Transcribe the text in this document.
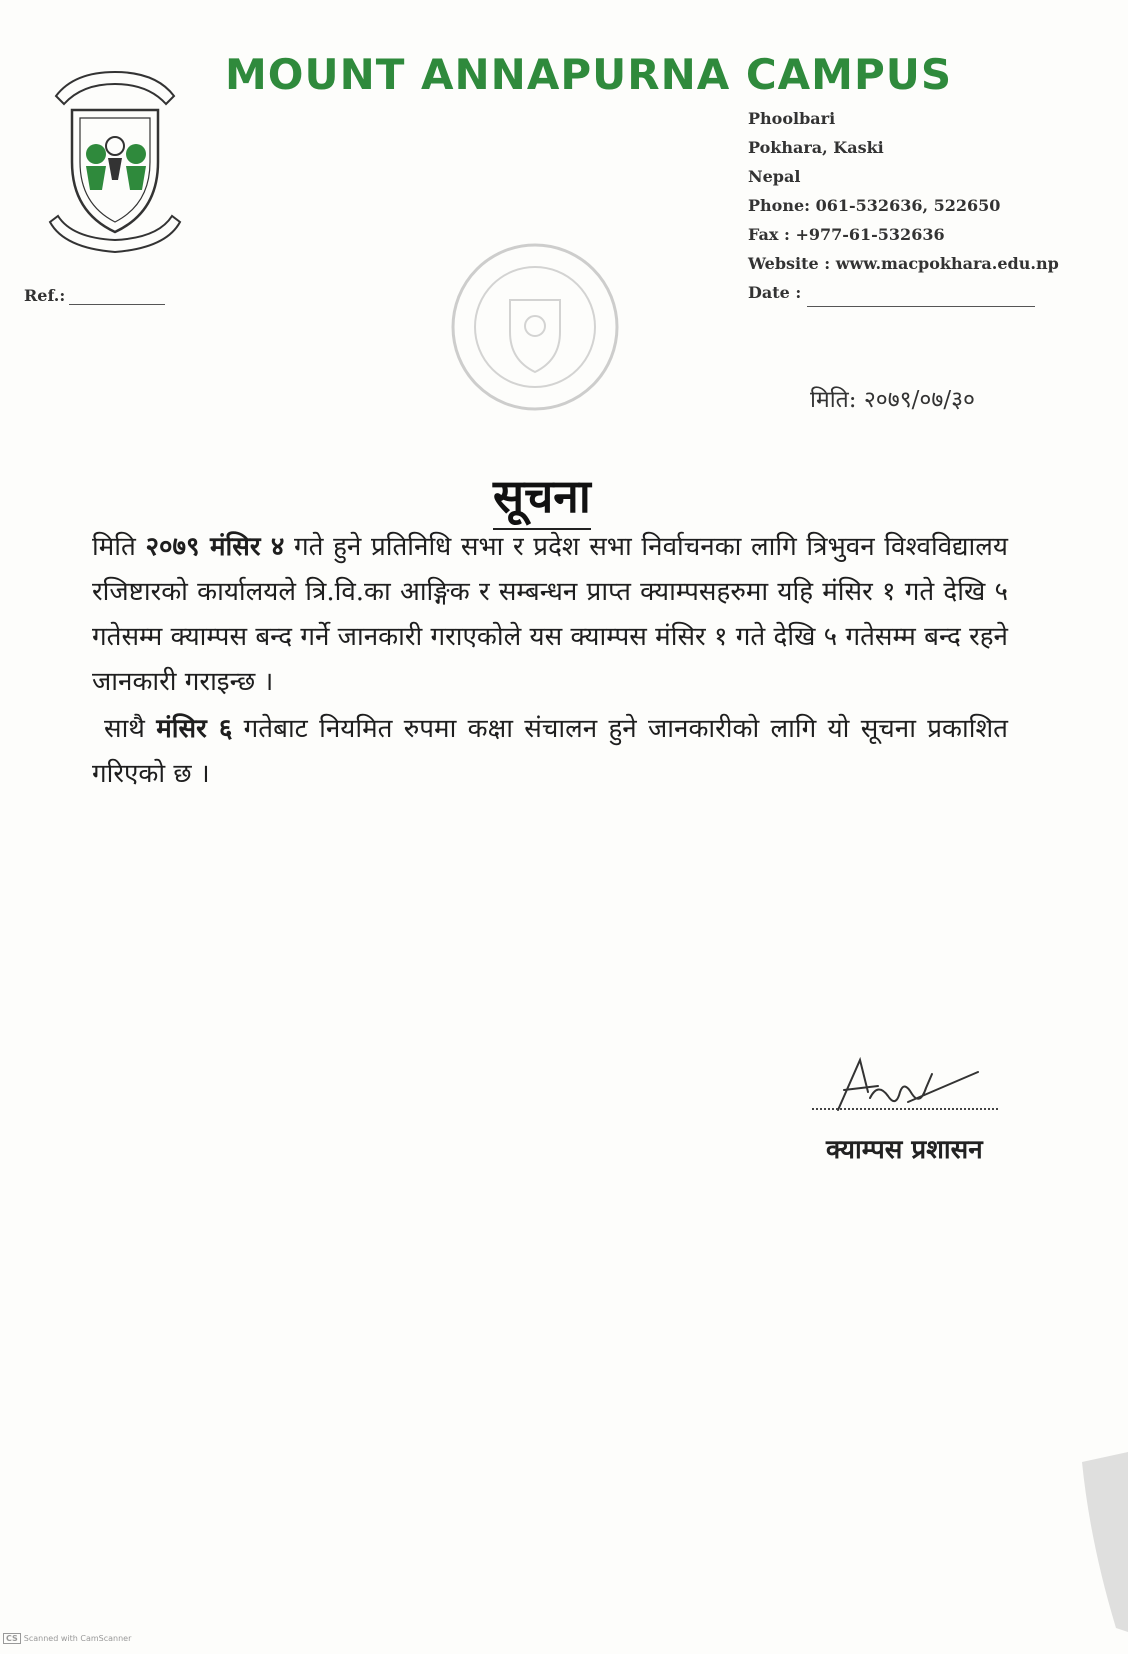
MOUNT ANNAPURNA CAMPUS
Phoolbari
Pokhara, Kaski
Nepal
Phone: 061-532636, 522650
Fax : +977-61-532636
Website : www.macpokhara.edu.np
Date :
Ref.:
मिति: २०७९/०७/३०
सूचना

मिति २०७९ मंसिर ४ गते हुने प्रतिनिधि सभा र प्रदेश सभा निर्वाचनका लागि त्रिभुवन विश्वविद्यालय रजिष्टारको कार्यालयले त्रि.वि.का आङ्गिक र सम्बन्धन प्राप्त क्याम्पसहरुमा यहि मंसिर १ गते देखि ५ गतेसम्म क्याम्पस बन्द गर्ने जानकारी गराएकोले यस क्याम्पस मंसिर १ गते देखि ५ गतेसम्म बन्द रहने जानकारी गराइन्छ ।

साथै मंसिर ६ गतेबाट नियमित रुपमा कक्षा संचालन हुने जानकारीको लागि यो सूचना प्रकाशित गरिएको छ ।

क्याम्पस प्रशासन
CS Scanned with CamScanner
